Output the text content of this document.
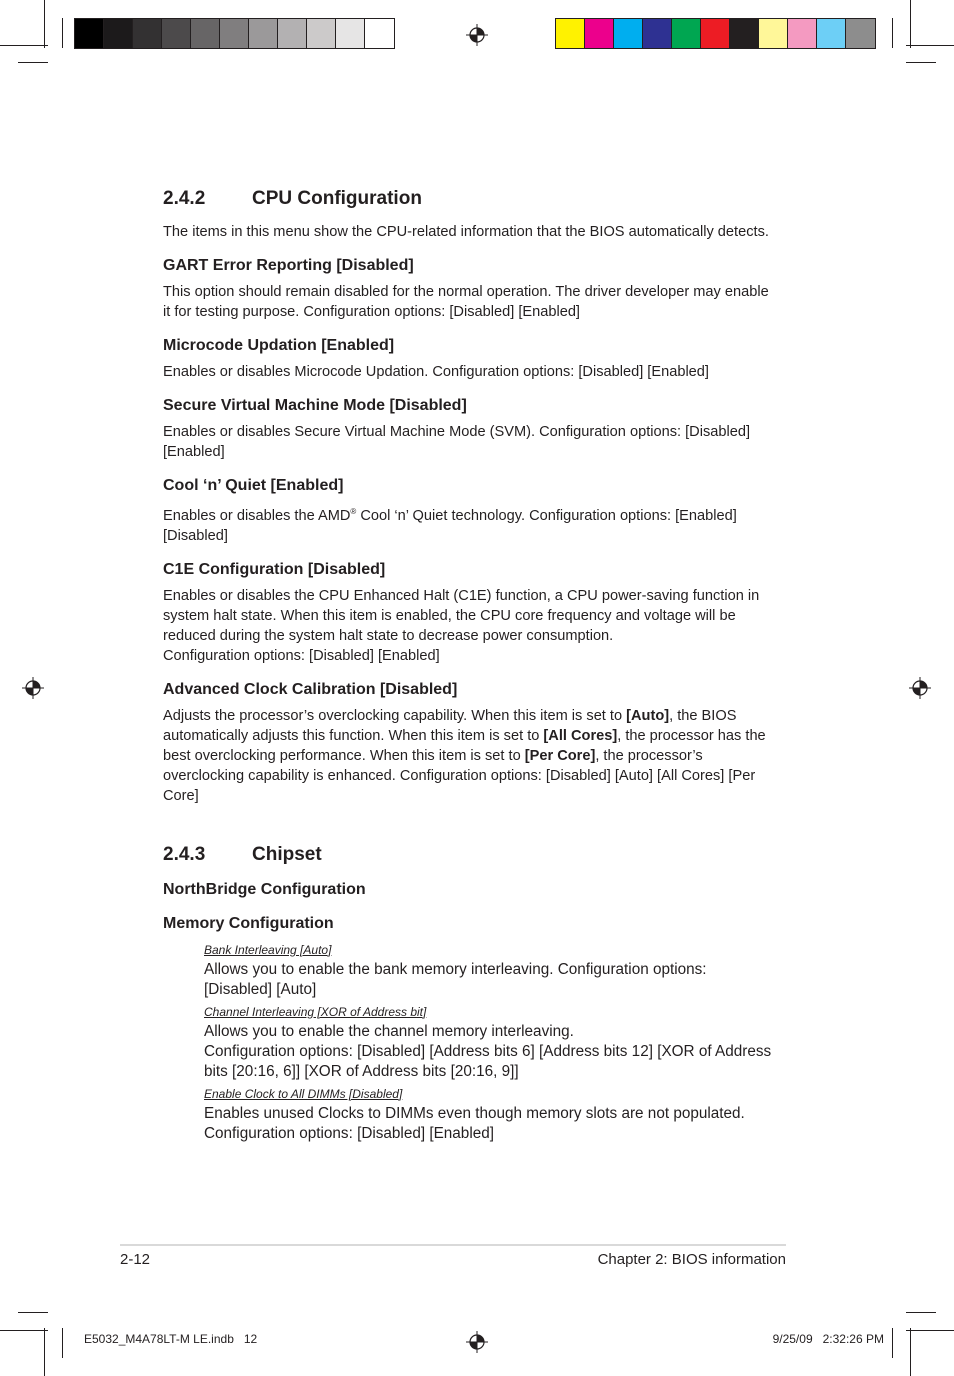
2.4.2	CPU Configuration

The items in this menu show the CPU-related information that the BIOS automatically detects.

GART Error Reporting [Disabled]

This option should remain disabled for the normal operation. The driver developer may enable it for testing purpose. Configuration options: [Disabled] [Enabled]

Microcode Updation [Enabled]

Enables or disables Microcode Updation. Configuration options: [Disabled] [Enabled]

Secure Virtual Machine Mode [Disabled]

Enables or disables Secure Virtual Machine Mode (SVM). Configuration options: [Disabled] [Enabled]

Cool ‘n’ Quiet [Enabled]

Enables or disables the AMD® Cool ‘n’ Quiet technology. Configuration options: [Enabled] [Disabled]

C1E Configuration [Disabled]

Enables or disables the CPU Enhanced Halt (C1E) function, a CPU power-saving function in system halt state. When this item is enabled, the CPU core frequency and voltage will be reduced during the system halt state to decrease power consumption.

Configuration options: [Disabled] [Enabled]

Advanced Clock Calibration [Disabled]

Adjusts the processor’s overclocking capability. When this item is set to [Auto], the BIOS automatically adjusts this function. When this item is set to [All Cores], the processor has the best overclocking performance. When this item is set to [Per Core], the processor’s overclocking capability is enhanced. Configuration options: [Disabled] [Auto] [All Cores] [Per Core]

2.4.3	Chipset
NorthBridge Configuration
Memory Configuration

Bank Interleaving [Auto]

Allows you to enable the bank memory interleaving. Configuration options: [Disabled] [Auto]

Channel Interleaving [XOR of Address bit]

Allows you to enable the channel memory interleaving.

Configuration options: [Disabled] [Address bits 6] [Address bits 12] [XOR of Address bits [20:16, 6]] [XOR of Address bits [20:16, 9]]

Enable Clock to All DIMMs [Disabled]

Enables unused Clocks to DIMMs even though memory slots are not populated.

Configuration options: [Disabled] [Enabled]

2-12	Chapter 2: BIOS information
E5032_M4A78LT-M LE.indb   12	9/25/09   2:32:26 PM
